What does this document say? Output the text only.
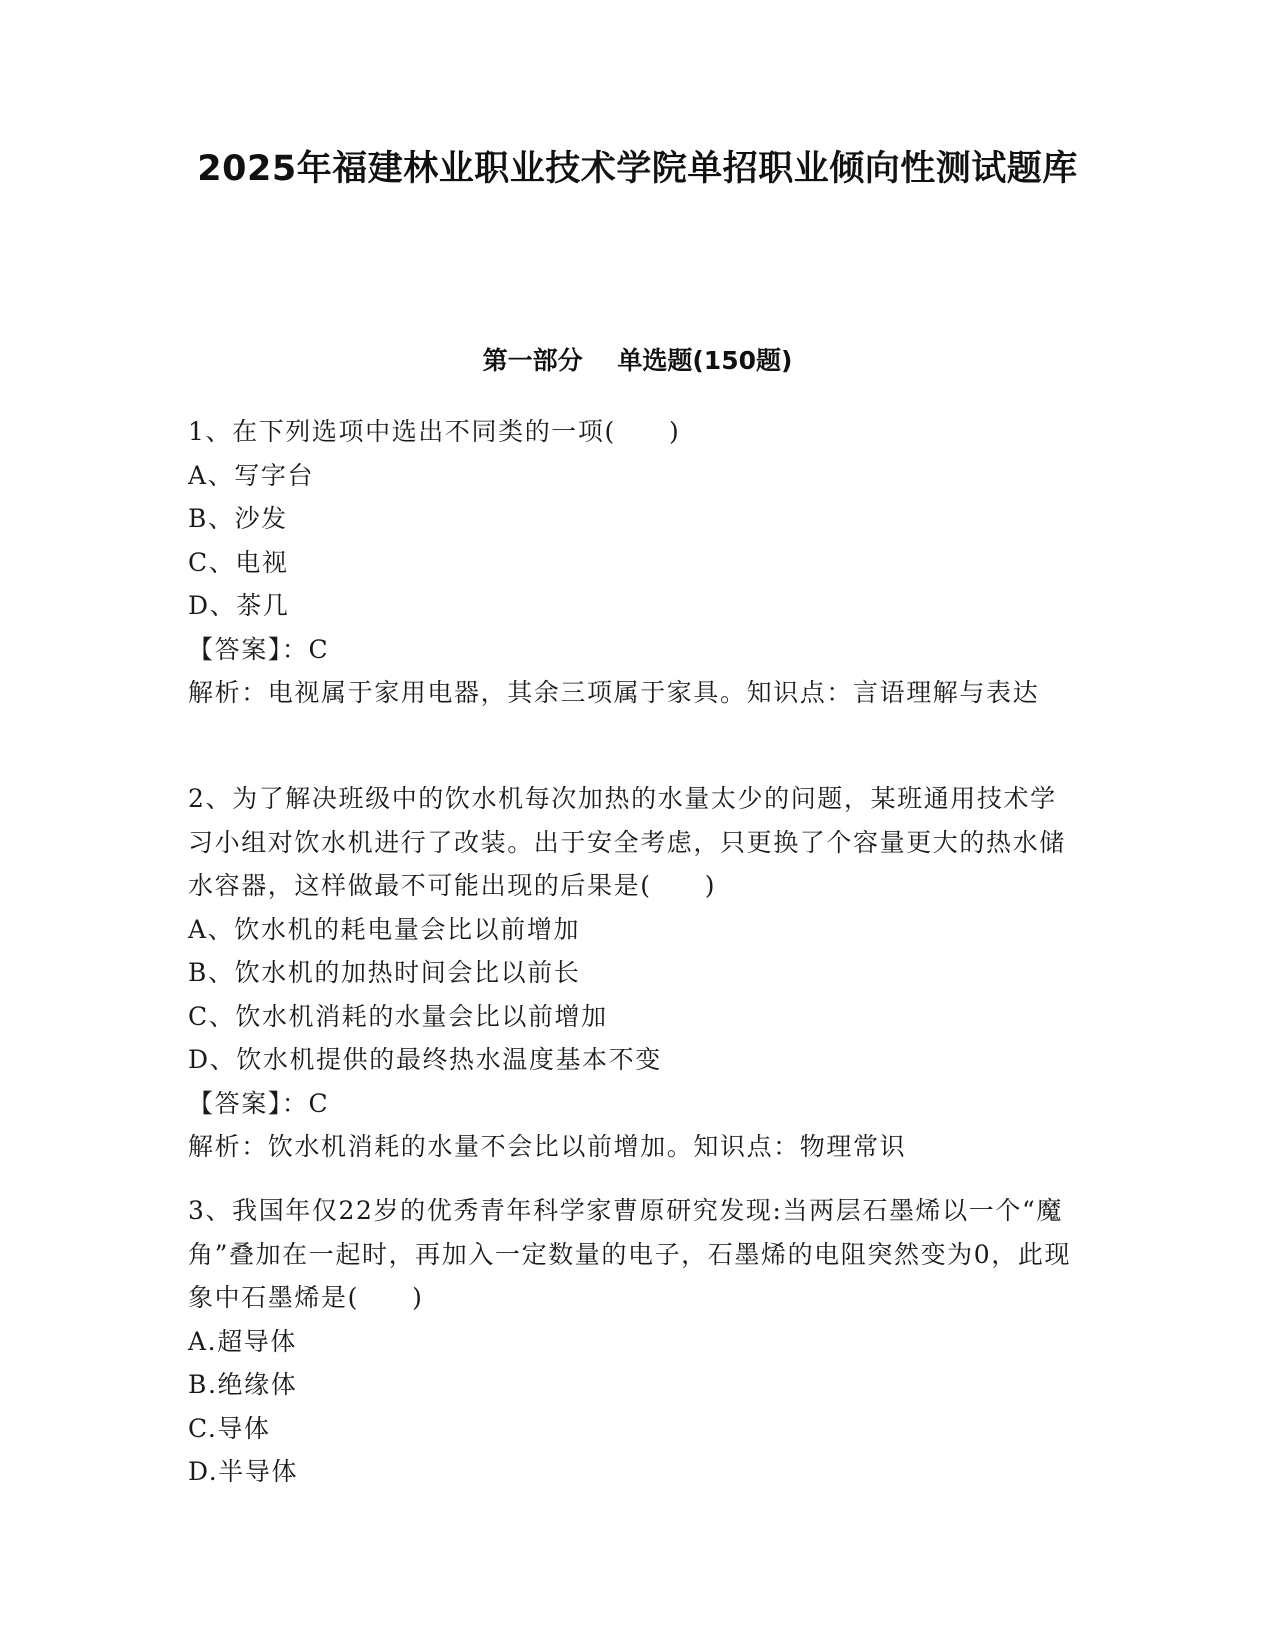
2025年福建林业职业技术学院单招职业倾向性测试题库
第一部分    单选题(150题)
1、在下列选项中选出不同类的一项(　　)
A、写字台
B、沙发
C、电视
D、茶几
【答案】：C
解析：电视属于家用电器，其余三项属于家具。知识点：言语理解与表达
2、为了解决班级中的饮水机每次加热的水量太少的问题，某班通用技术学习小组对饮水机进行了改装。出于安全考虑，只更换了个容量更大的热水储水容器，这样做最不可能出现的后果是(　　)
A、饮水机的耗电量会比以前增加
B、饮水机的加热时间会比以前长
C、饮水机消耗的水量会比以前增加
D、饮水机提供的最终热水温度基本不变
【答案】：C
解析：饮水机消耗的水量不会比以前增加。知识点：物理常识
3、我国年仅22岁的优秀青年科学家曹原研究发现:当两层石墨烯以一个“魔角”叠加在一起时，再加入一定数量的电子，石墨烯的电阻突然变为0，此现象中石墨烯是(　　)
A.超导体
B.绝缘体
C.导体
D.半导体
